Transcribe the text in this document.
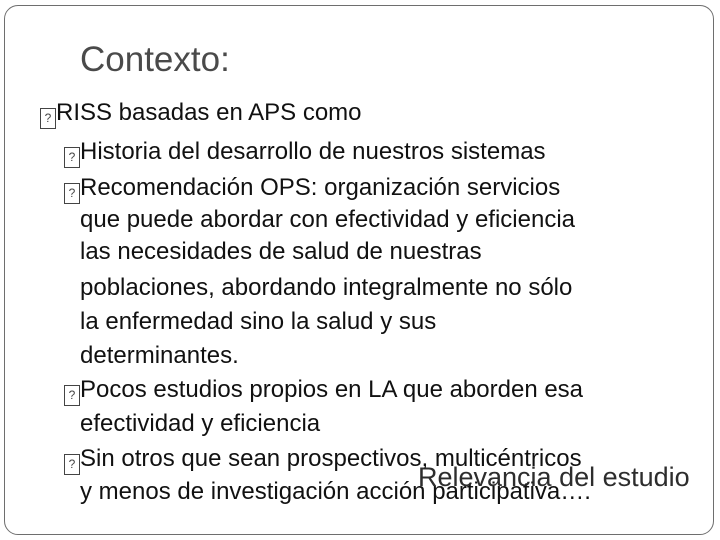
Contexto:
? RISS basadas en APS como
? Historia del desarrollo de nuestros sistemas
? Recomendación OPS: organización servicios
que puede abordar con efectividad y eficiencia
las necesidades de salud de nuestras
poblaciones, abordando integralmente no sólo
la enfermedad sino la salud y sus
determinantes.
? Pocos estudios propios en LA que aborden esa
efectividad y eficiencia
? Sin otros que sean prospectivos, multicéntricos
y menos de investigación acción participativa….
Relevancia del estudio
